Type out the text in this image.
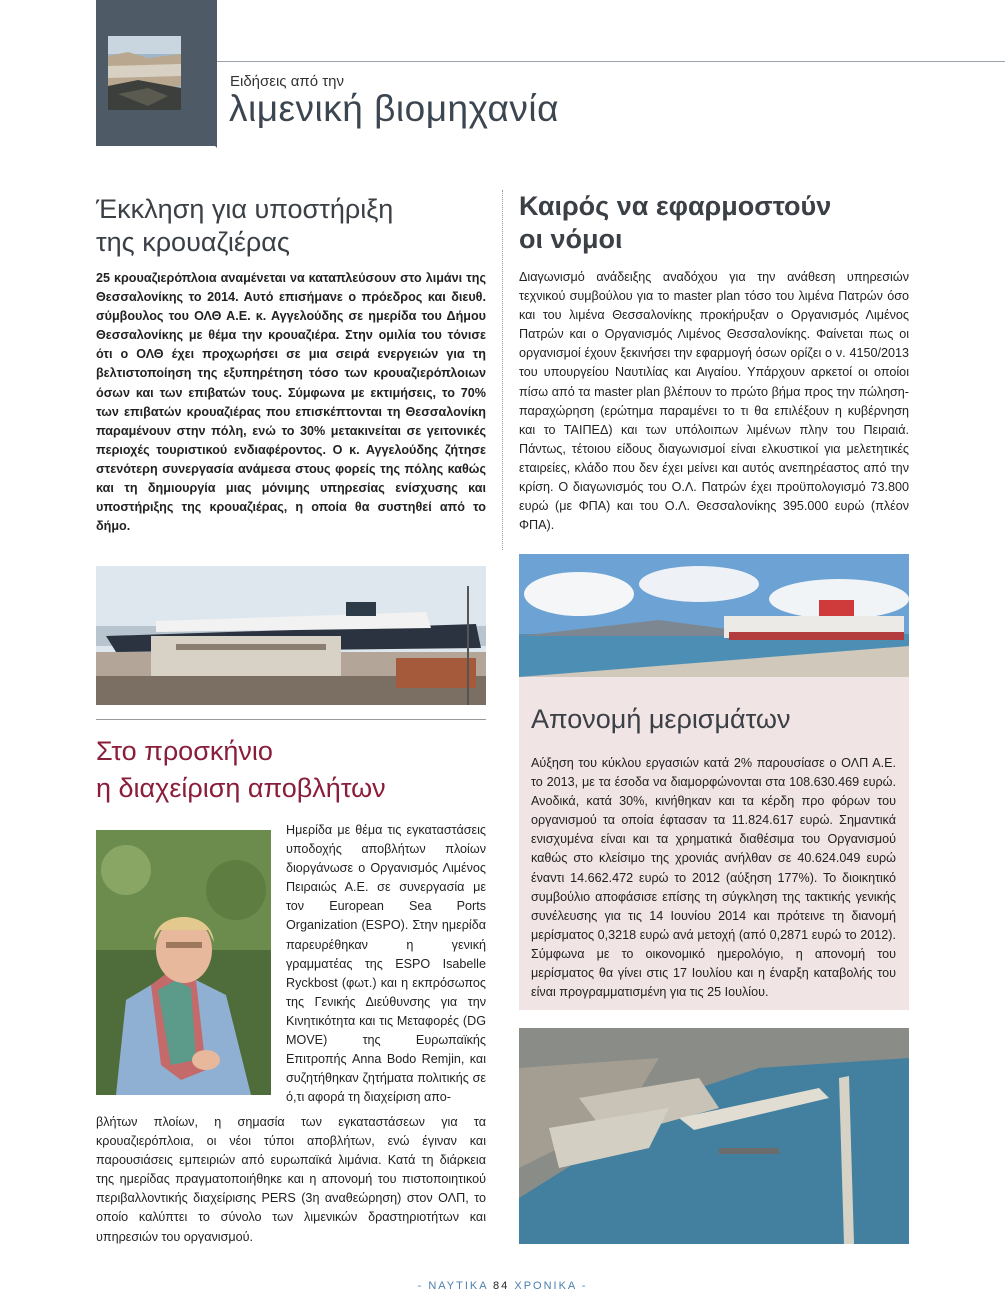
Ειδήσεις από την
λιμενική βιομηχανία
Έκκληση για υποστήριξη
της κρουαζιέρας
25 κρουαζιερόπλοια αναμένεται να καταπλεύσουν στο λιμάνι της Θεσσαλονίκης το 2014. Αυτό επισήμανε ο πρόεδρος και διευθ. σύμβουλος του ΟΛΘ Α.Ε. κ. Αγγελούδης σε ημερίδα του Δήμου Θεσσαλονίκης με θέμα την κρουαζιέρα. Στην ομιλία του τόνισε ότι ο ΟΛΘ έχει προχωρήσει σε μια σειρά ενεργειών για τη βελτιστοποίηση της εξυπηρέτηση τόσο των κρουαζιερόπλοιων όσων και των επιβατών τους. Σύμφωνα με εκτιμήσεις, το 70% των επιβατών κρουαζιέρας που επισκέπτονται τη Θεσσαλονίκη παραμένουν στην πόλη, ενώ το 30% μετακινείται σε γειτονικές περιοχές τουριστικού ενδιαφέροντος. Ο κ. Αγγελούδης ζήτησε στενότερη συνεργασία ανάμεσα στους φορείς της πόλης καθώς και τη δημιουργία μιας μόνιμης υπηρεσίας ενίσχυσης και υποστήριξης της κρουαζιέρας, η οποία θα συστηθεί από το δήμο.
Καιρός να εφαρμοστούν
οι νόμοι
Διαγωνισμό ανάδειξης αναδόχου για την ανάθεση υπηρεσιών τεχνικού συμβούλου για το master plan τόσο του λιμένα Πατρών όσο και του λιμένα Θεσσαλονίκης προκήρυξαν ο Οργανισμός Λιμένος Πατρών και ο Οργανισμός Λιμένος Θεσσαλονίκης. Φαίνεται πως οι οργανισμοί έχουν ξεκινήσει την εφαρμογή όσων ορίζει ο ν. 4150/2013 του υπουργείου Ναυτιλίας και Αιγαίου. Υπάρχουν αρκετοί οι οποίοι πίσω από τα master plan βλέπουν το πρώτο βήμα προς την πώληση-παραχώρηση (ερώτημα παραμένει το τι θα επιλέξουν η κυβέρνηση και το ΤΑΙΠΕΔ) και των υπόλοιπων λιμένων πλην του Πειραιά. Πάντως, τέτοιου είδους διαγωνισμοί είναι ελκυστικοί για μελετητικές εταιρείες, κλάδο που δεν έχει μείνει και αυτός ανεπηρέαστος από την κρίση. Ο διαγωνισμός του Ο.Λ. Πατρών έχει προϋπολογισμό 73.800 ευρώ (με ΦΠΑ) και του Ο.Λ. Θεσσαλονίκης 395.000 ευρώ (πλέον ΦΠΑ).
Απονομή μερισμάτων
Αύξηση του κύκλου εργασιών κατά 2% παρουσίασε ο ΟΛΠ Α.Ε. το 2013, με τα έσοδα να διαμορφώνονται στα 108.630.469 ευρώ. Ανοδικά, κατά 30%, κινήθηκαν και τα κέρδη προ φόρων του οργανισμού τα οποία έφτασαν τα 11.824.617 ευρώ. Σημαντικά ενισχυμένα είναι και τα χρηματικά διαθέσιμα του Οργανισμού καθώς στο κλείσιμο της χρονιάς ανήλθαν σε 40.624.049 ευρώ έναντι 14.662.472 ευρώ το 2012 (αύξηση 177%). Το διοικητικό συμβούλιο αποφάσισε επίσης τη σύγκληση της τακτικής γενικής συνέλευσης για τις 14 Ιουνίου 2014 και πρότεινε τη διανομή μερίσματος 0,3218 ευρώ ανά μετοχή (από 0,2871 ευρώ το 2012). Σύμφωνα με το οικονομικό ημερολόγιο, η απονομή του μερίσματος θα γίνει στις 17 Ιουλίου και η έναρξη καταβολής του είναι προγραμματισμένη για τις 25 Ιουλίου.
Στο προσκήνιο
η διαχείριση αποβλήτων
Ημερίδα με θέμα τις εγκαταστάσεις υποδοχής αποβλήτων πλοίων διοργάνωσε ο Οργανισμός Λιμένος Πειραιώς Α.Ε. σε συνεργασία με τον European Sea Ports Organization (ESPO). Στην ημερίδα παρευρέθηκαν η γενική γραμματέας της ESPO Isabelle Ryckbost (φωτ.) και η εκπρόσωπος της Γενικής Διεύθυνσης για την Κινητικότητα και τις Μεταφορές (DG MOVE) της Ευρωπαϊκής Επιτροπής Anna Bodo Remjin, και συζητήθηκαν ζητήματα πολιτικής σε ό,τι αφορά τη διαχείριση απο-
βλήτων πλοίων, η σημασία των εγκαταστάσεων για τα κρουαζιερόπλοια, οι νέοι τύποι αποβλήτων, ενώ έγιναν και παρουσιάσεις εμπειριών από ευρωπαϊκά λιμάνια. Κατά τη διάρκεια της ημερίδας πραγματοποιήθηκε και η απονομή του πιστοποιητικού περιβαλλοντικής διαχείρισης PERS (3η αναθεώρηση) στον ΟΛΠ, το οποίο καλύπτει το σύνολο των λιμενικών δραστηριοτήτων και υπηρεσιών του οργανισμού.
- ΝΑΥΤΙΚΑ 84 ΧΡΟΝΙΚΑ -
